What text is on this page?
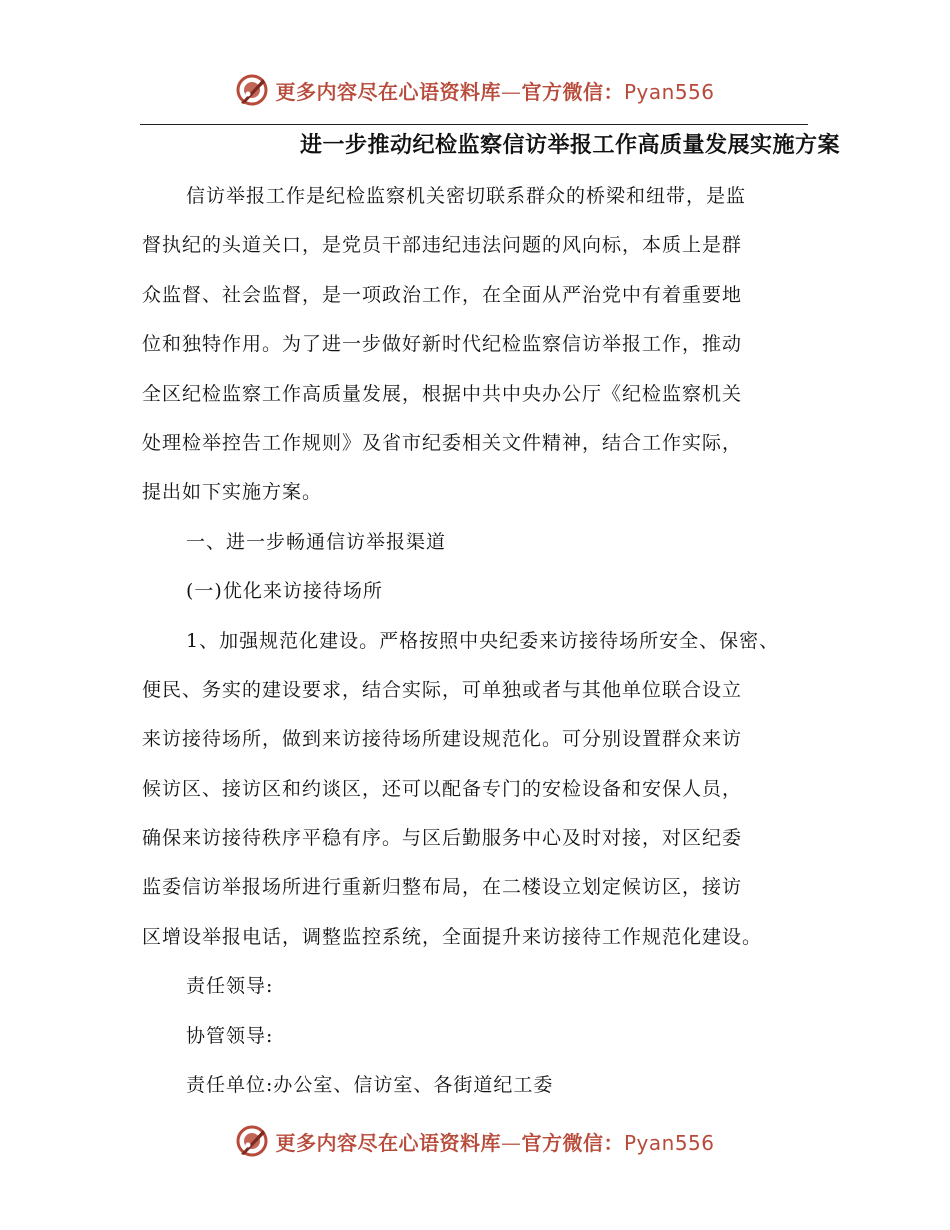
更多内容尽在心语资料库—官方微信：Pyan556
进一步推动纪检监察信访举报工作高质量发展实施方案
信访举报工作是纪检监察机关密切联系群众的桥梁和纽带，是监
督执纪的头道关口，是党员干部违纪违法问题的风向标，本质上是群
众监督、社会监督，是一项政治工作，在全面从严治党中有着重要地
位和独特作用。为了进一步做好新时代纪检监察信访举报工作，推动
全区纪检监察工作高质量发展，根据中共中央办公厅《纪检监察机关
处理检举控告工作规则》及省市纪委相关文件精神，结合工作实际，
提出如下实施方案。
一、进一步畅通信访举报渠道
(一)优化来访接待场所
1、加强规范化建设。严格按照中央纪委来访接待场所安全、保密、
便民、务实的建设要求，结合实际，可单独或者与其他单位联合设立
来访接待场所，做到来访接待场所建设规范化。可分别设置群众来访
候访区、接访区和约谈区，还可以配备专门的安检设备和安保人员，
确保来访接待秩序平稳有序。与区后勤服务中心及时对接，对区纪委
监委信访举报场所进行重新归整布局，在二楼设立划定候访区，接访
区增设举报电话，调整监控系统，全面提升来访接待工作规范化建设。
责任领导:
协管领导:
责任单位:办公室、信访室、各街道纪工委
更多内容尽在心语资料库—官方微信：Pyan556
